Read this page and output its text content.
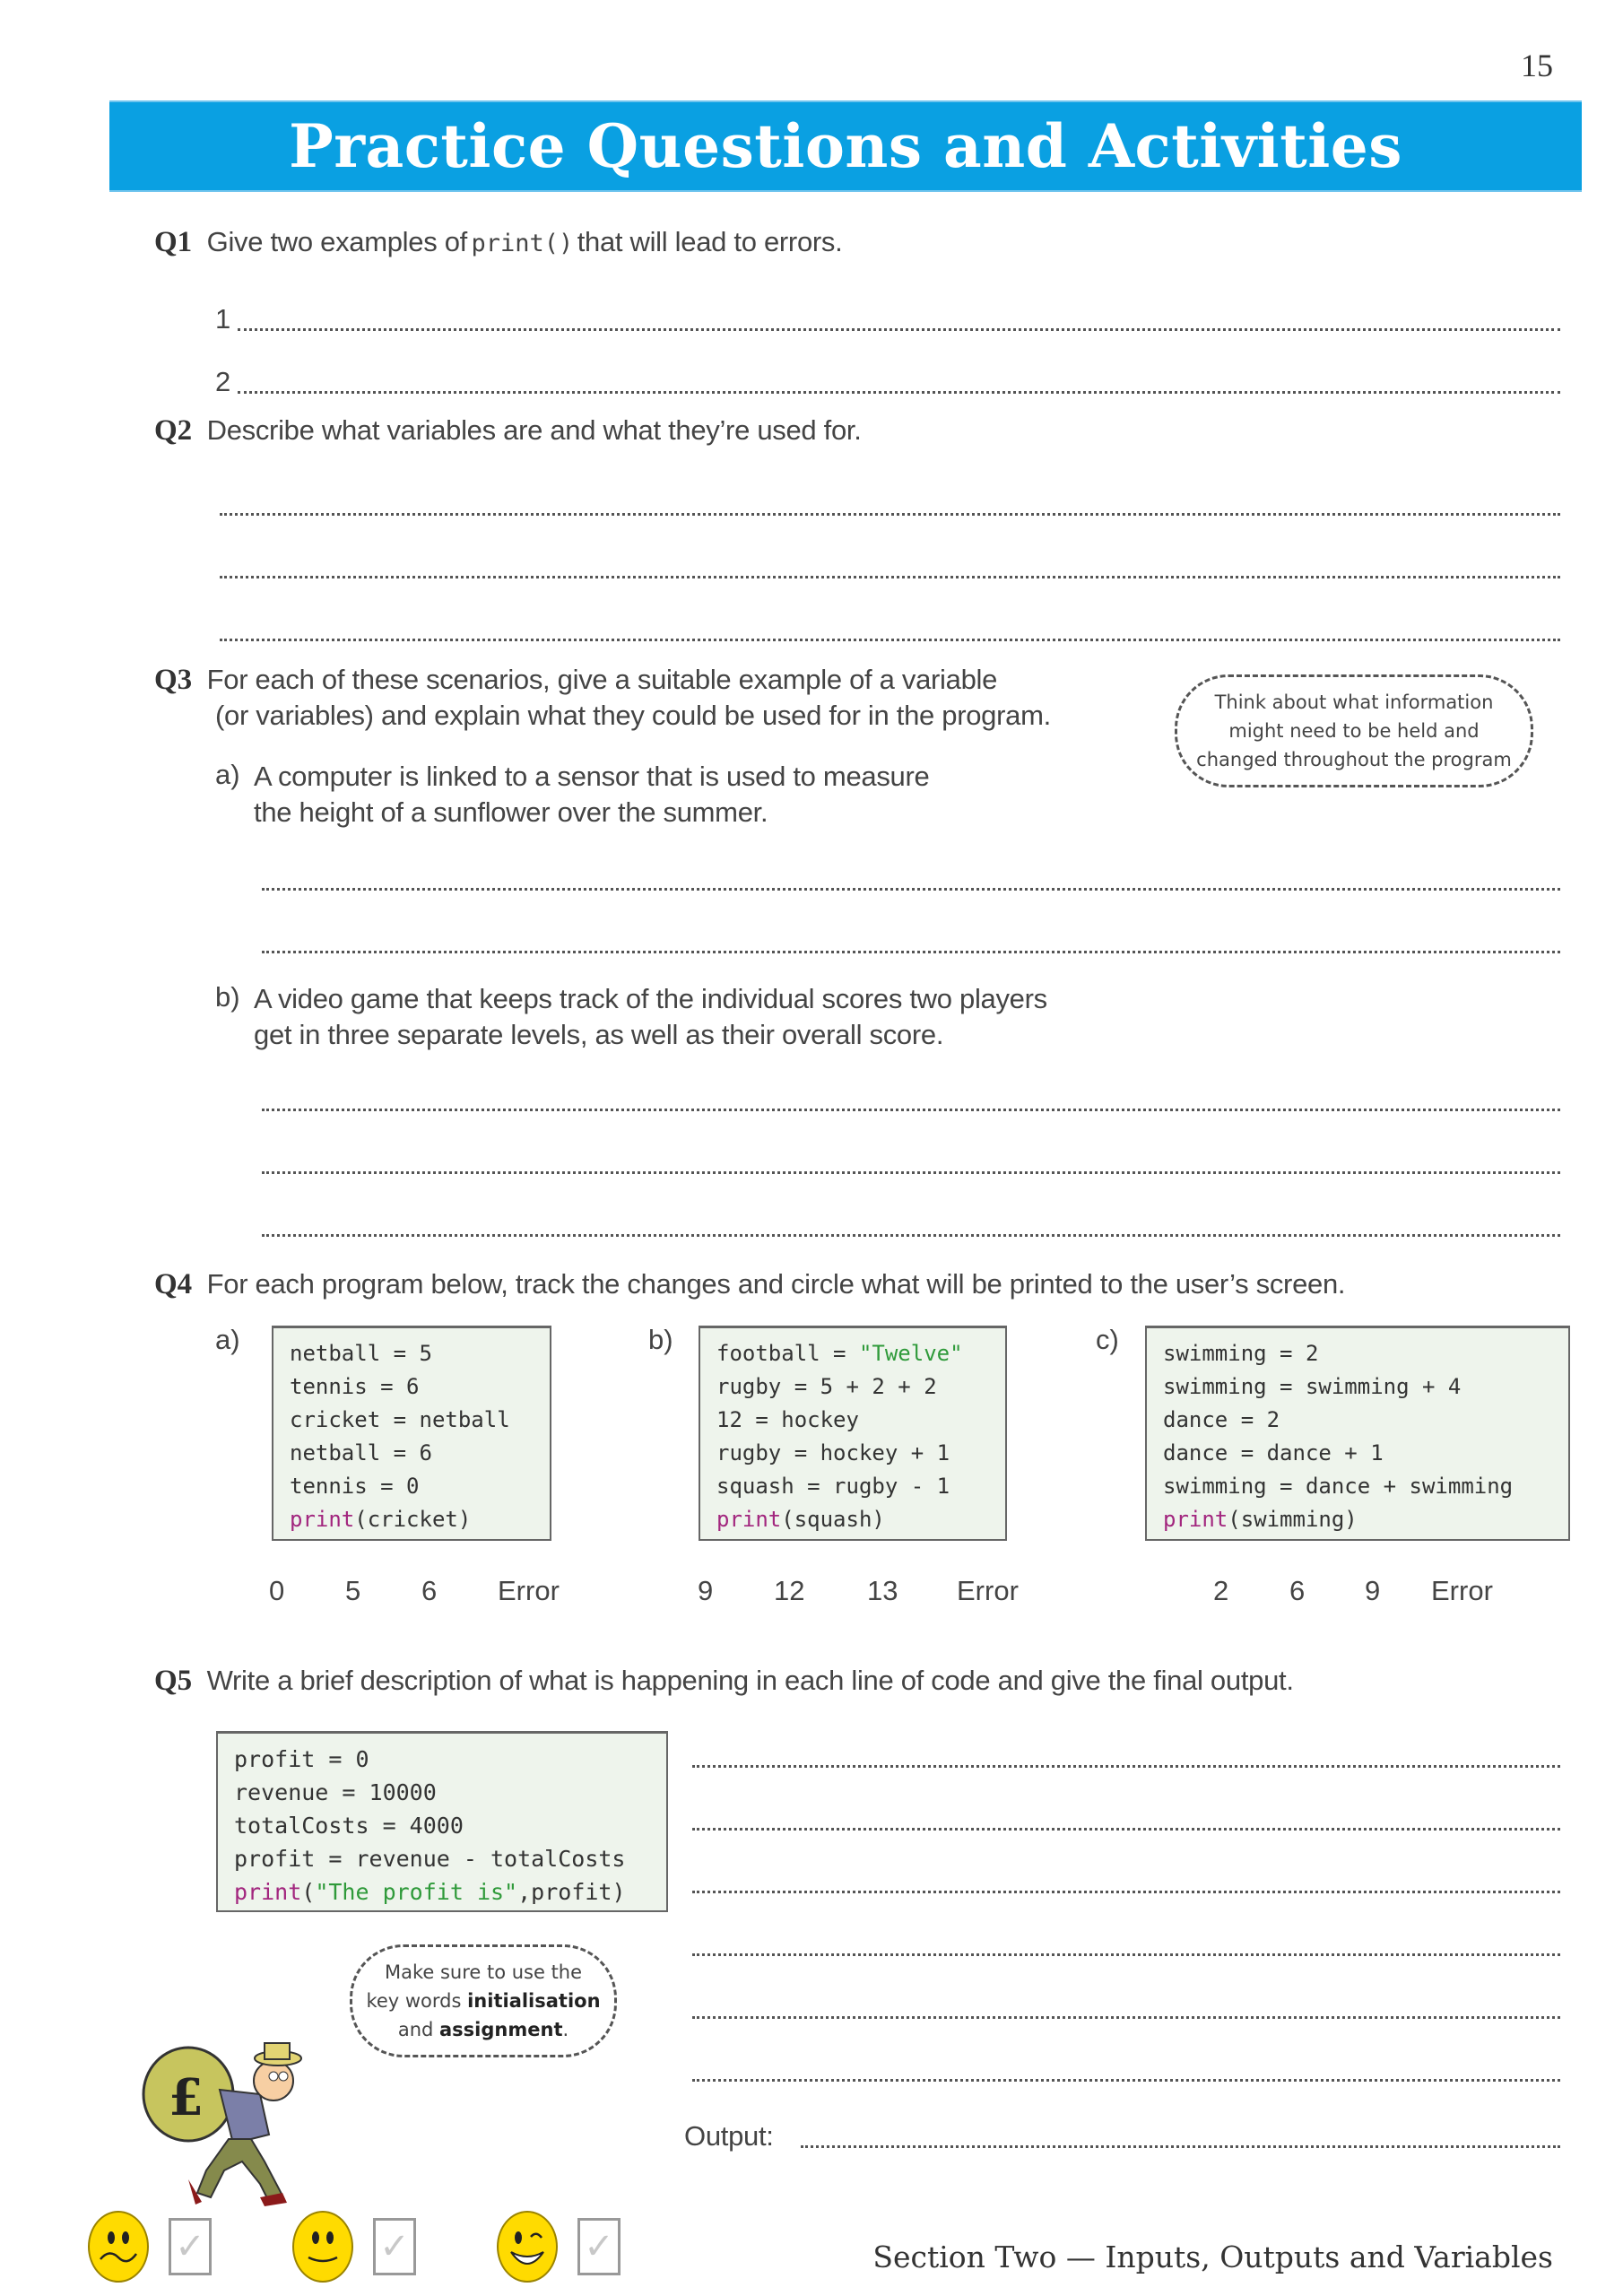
15
Practice Questions and Activities
Q1 Give two examples of print() that will lead to errors.
1
2
Q2 Describe what variables are and what they’re used for.
Q3 For each of these scenarios, give a suitable example of a variable
(or variables) and explain what they could be used for in the program.	Think about what information
might need to be held and
changed throughout the program
a) A computer is linked to a sensor that is used to measure
the height of a sunflower over the summer.
b) A video game that keeps track of the individual scores two players
get in three separate levels, as well as their overall score.
Q4 For each program below, track the changes and circle what will be printed to the user’s screen.
a) netball = 5
tennis = 6
cricket = netball
netball = 6
tennis = 0
print(cricket)
0	5	6	Error
b) football = "Twelve"
rugby = 5 + 2 + 2
12 = hockey
rugby = hockey + 1
squash = rugby - 1
print(squash)
9	12	13	Error
c) swimming = 2
swimming = swimming + 4
dance = 2
dance = dance + 1
swimming = dance + swimming
print(swimming)
2	6	9	Error
Q5 Write a brief description of what is happening in each line of code and give the final output.
profit = 0
revenue = 10000
totalCosts = 4000
profit = revenue - totalCosts
print("The profit is",profit)
Output:
Make sure to use the
key words initialisation
and assignment.
£
✓	✓	✓	Section Two — Inputs, Outputs and Variables
